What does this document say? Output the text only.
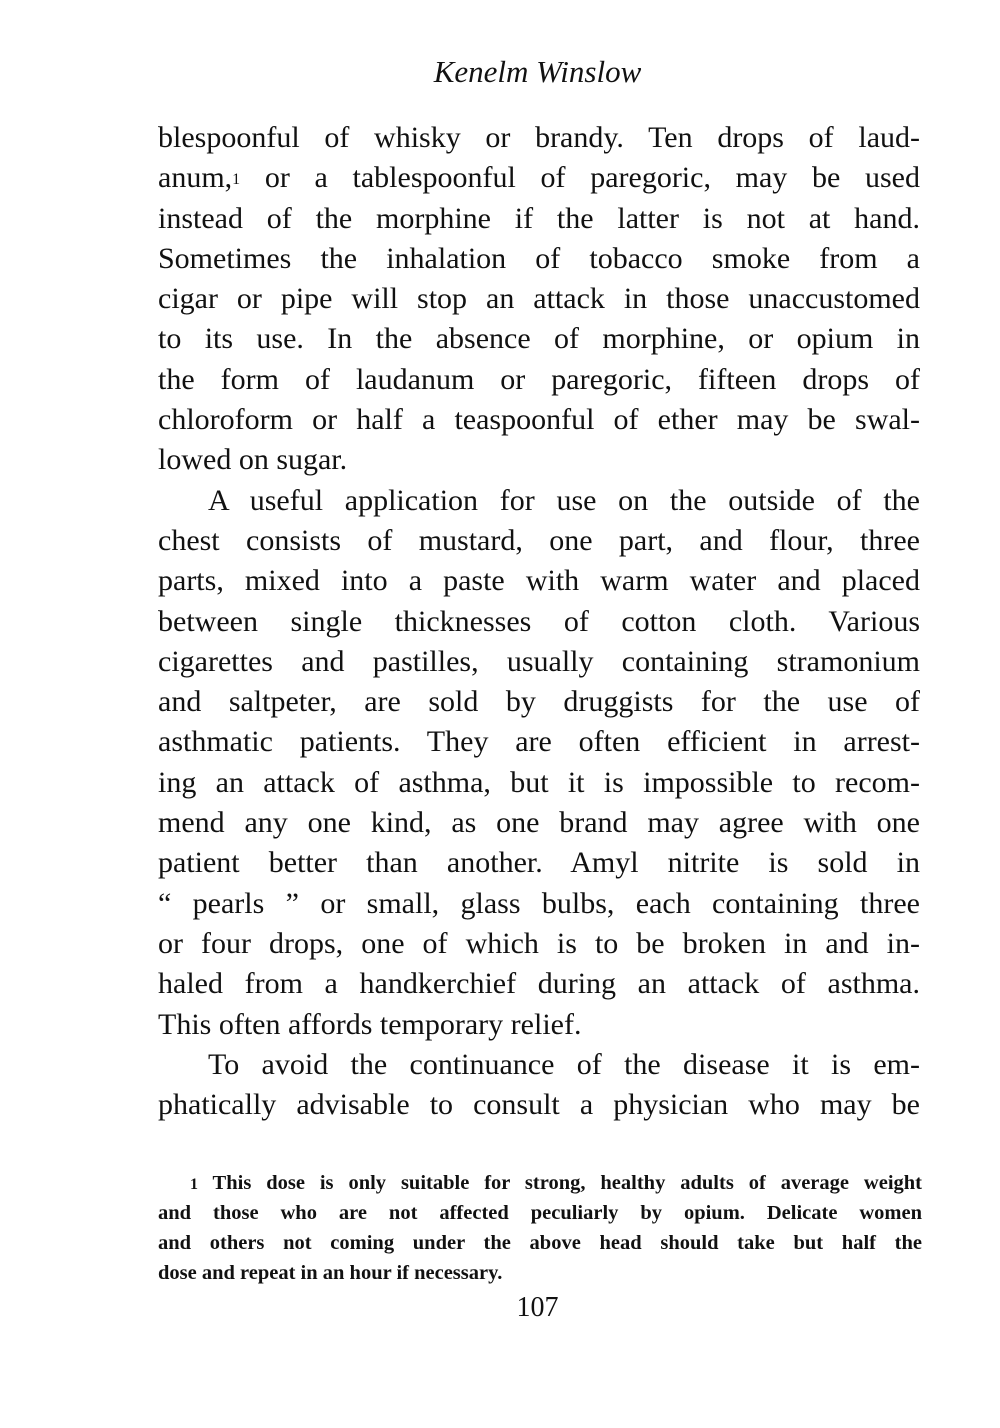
Kenelm Winslow
blespoonful of whisky or brandy. Ten drops of laud-
anum,$^1$ or a tablespoonful of paregoric, may be used
instead of the morphine if the latter is not at hand.
Sometimes the inhalation of tobacco smoke from a
cigar or pipe will stop an attack in those unaccustomed
to its use. In the absence of morphine, or opium in
the form of laudanum or paregoric, fifteen drops of
chloroform or half a teaspoonful of ether may be swal-
lowed on sugar.
A useful application for use on the outside of the
chest consists of mustard, one part, and flour, three
parts, mixed into a paste with warm water and placed
between single thicknesses of cotton cloth. Various
cigarettes and pastilles, usually containing stramonium
and saltpeter, are sold by druggists for the use of
asthmatic patients. They are often efficient in arrest-
ing an attack of asthma, but it is impossible to recom-
mend any one kind, as one brand may agree with one
patient better than another. Amyl nitrite is sold in
“ pearls ” or small, glass bulbs, each containing three
or four drops, one of which is to be broken in and in-
haled from a handkerchief during an attack of asthma.
This often affords temporary relief.
To avoid the continuance of the disease it is em-
phatically advisable to consult a physician who may be
$^1$ This dose is only suitable for strong, healthy adults of average weight
and those who are not affected peculiarly by opium. Delicate women
and others not coming under the above head should take but half the
dose and repeat in an hour if necessary.
107
